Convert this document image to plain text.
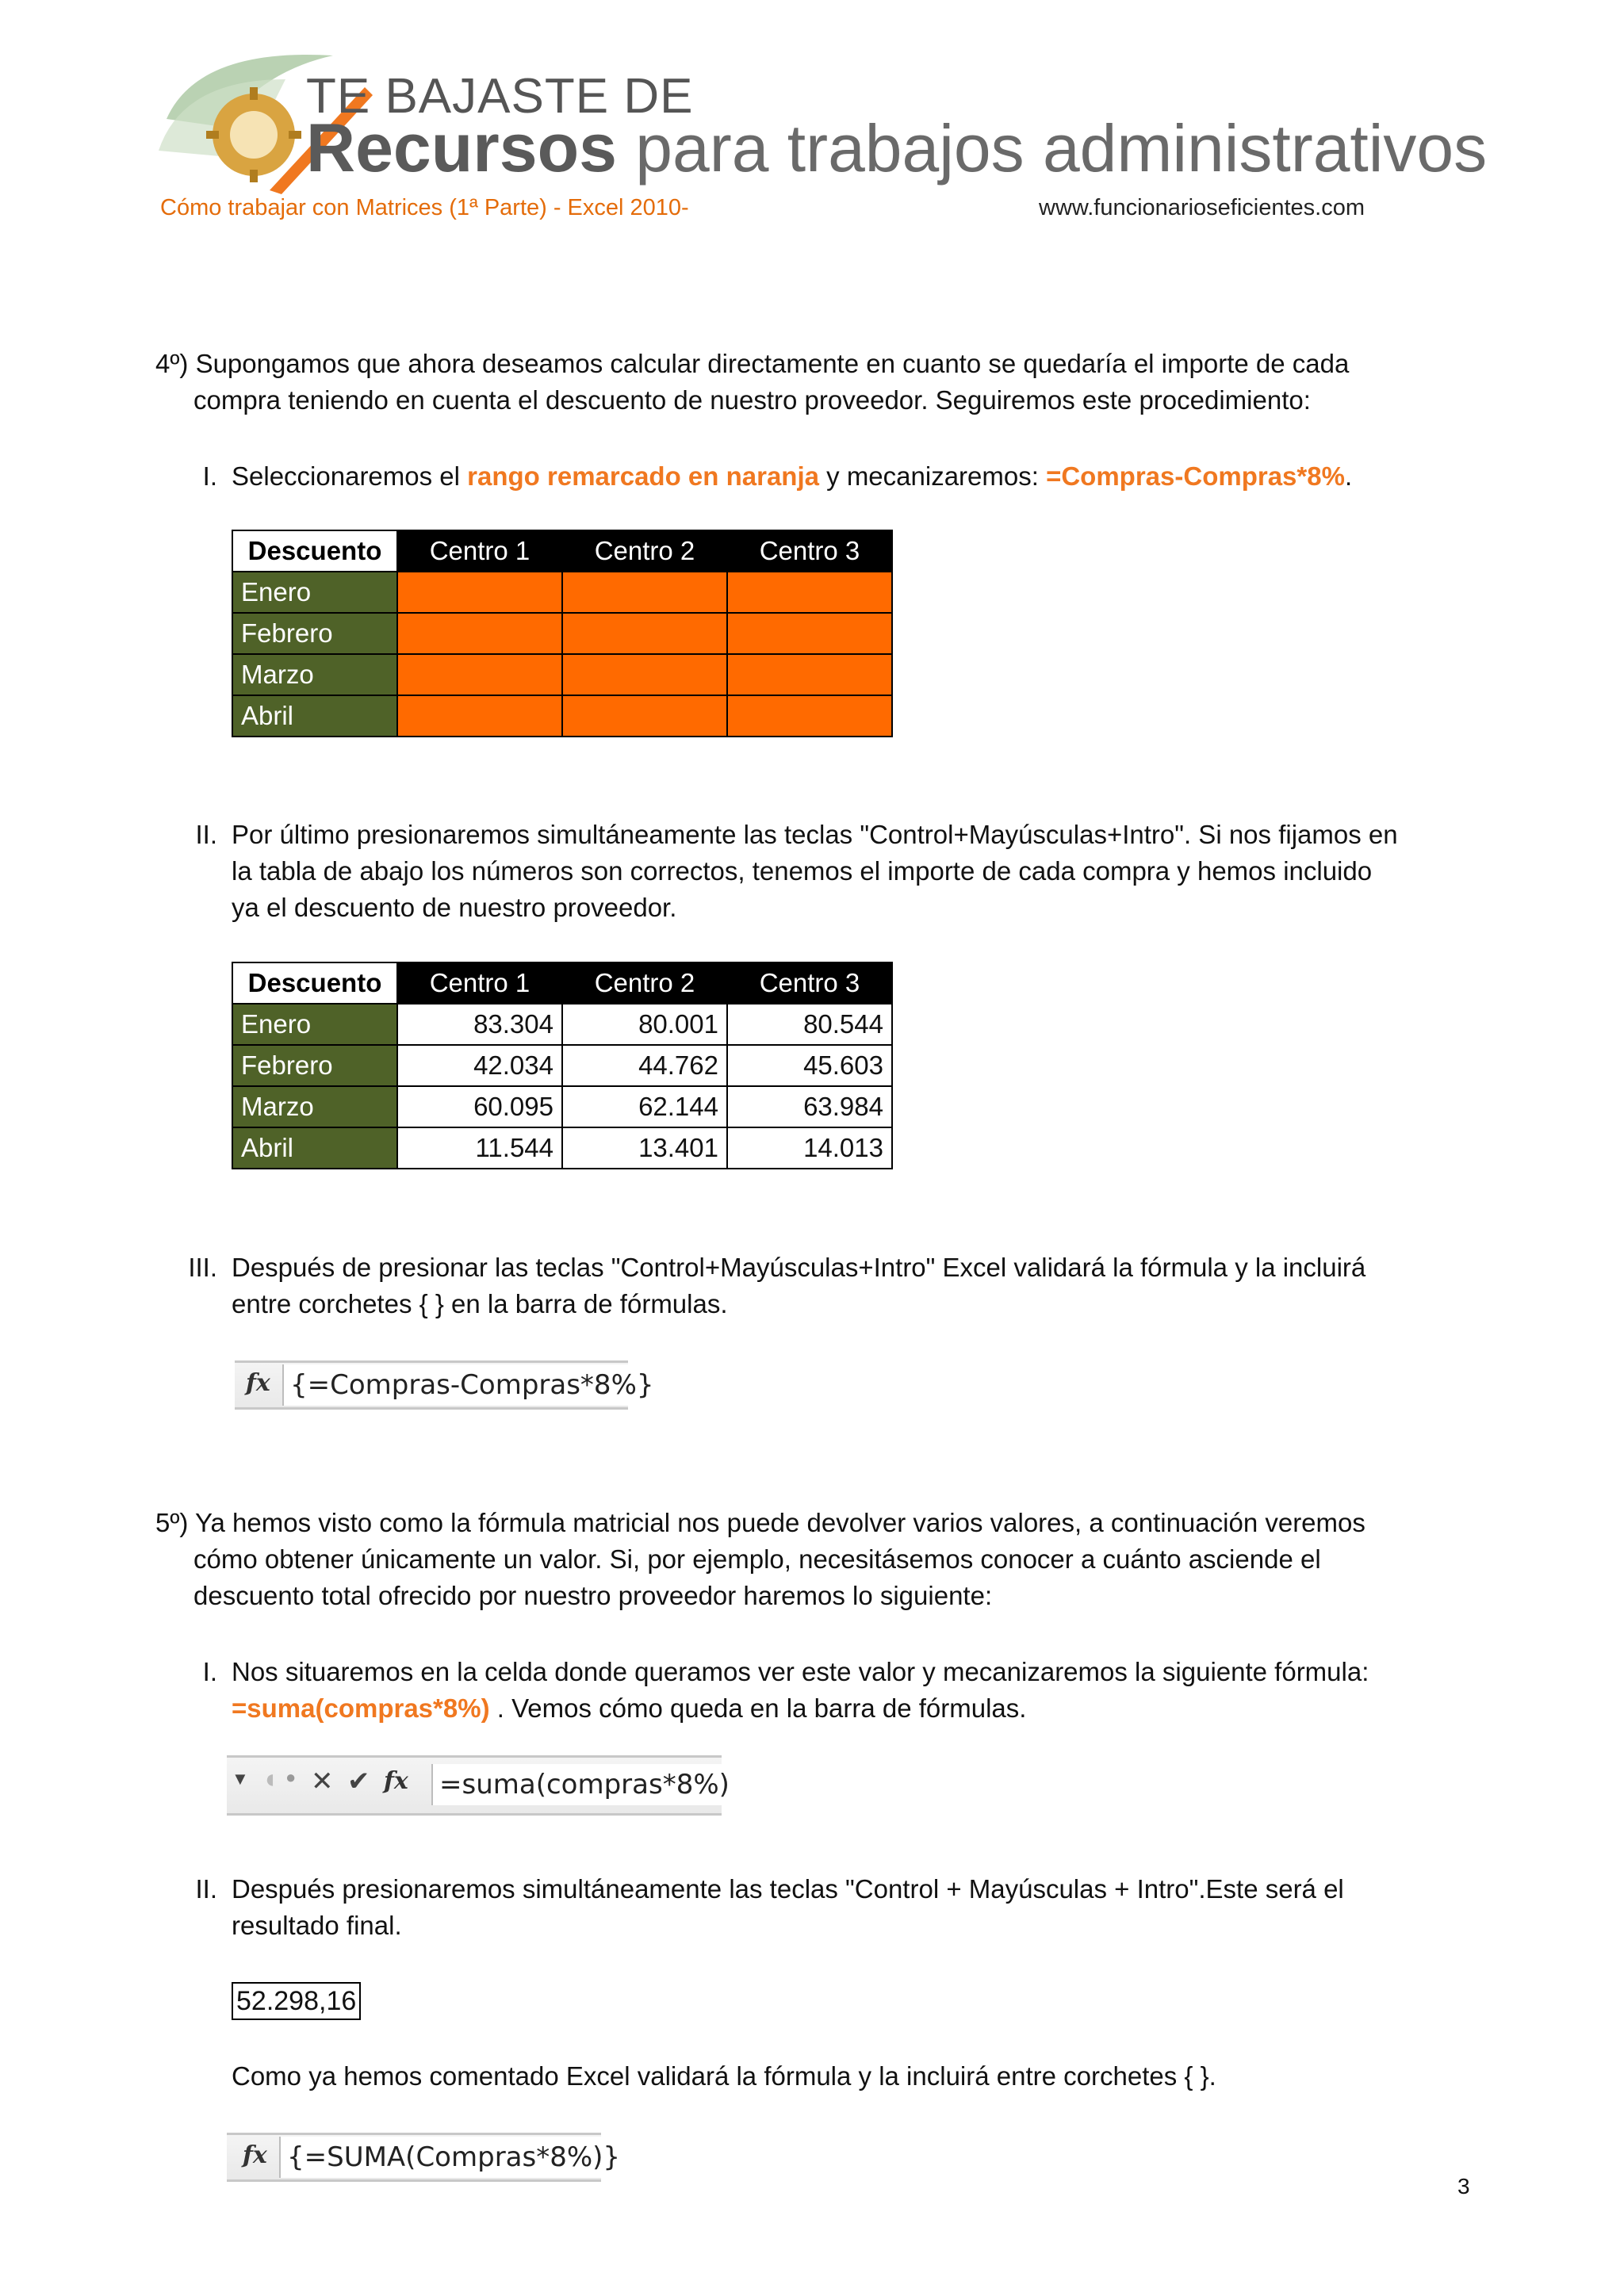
TE BAJASTE DE
Recursos para trabajos administrativos
Cómo trabajar con Matrices (1ª Parte) - Excel 2010-	www.funcionarioseficientes.com

4º) Supongamos que ahora deseamos calcular directamente en cuanto se quedaría el importe de cada

compra teniendo en cuenta el descuento de nuestro proveedor. Seguiremos este procedimiento:

I. Seleccionaremos el rango remarcado en naranja y mecanizaremos: =Compras-Compras*8%.

Descuento	Centro 1	Centro 2	Centro 3
Enero			
Febrero			
Marzo			
Abril			
II. Por último presionaremos simultáneamente las teclas "Control+Mayúsculas+Intro". Si nos fijamos en

la tabla de abajo los números son correctos, tenemos el importe de cada compra y hemos incluido

ya el descuento de nuestro proveedor.

Descuento	Centro 1	Centro 2	Centro 3
Enero	83.304	80.001	80.544
Febrero	42.034	44.762	45.603
Marzo	60.095	62.144	63.984
Abril	11.544	13.401	14.013
III. Después de presionar las teclas "Control+Mayúsculas+Intro" Excel validará la fórmula y la incluirá

entre corchetes { } en la barra de fórmulas.

fx {=Compras-Compras*8%}

5º) Ya hemos visto como la fórmula matricial nos puede devolver varios valores, a continuación veremos

cómo obtener únicamente un valor. Si, por ejemplo, necesitásemos conocer a cuánto asciende el

descuento total ofrecido por nuestro proveedor haremos lo siguiente:

I. Nos situaremos en la celda donde queramos ver este valor y mecanizaremos la siguiente fórmula:

=suma(compras*8%) . Vemos cómo queda en la barra de fórmulas.

▼ ◖ ● ✕ ✔ fx =suma(compras*8%)
II. Después presionaremos simultáneamente las teclas "Control + Mayúsculas + Intro".Este será el

resultado final.

52.298,16

Como ya hemos comentado Excel validará la fórmula y la incluirá entre corchetes { }.

fx {=SUMA(Compras*8%)}
3
